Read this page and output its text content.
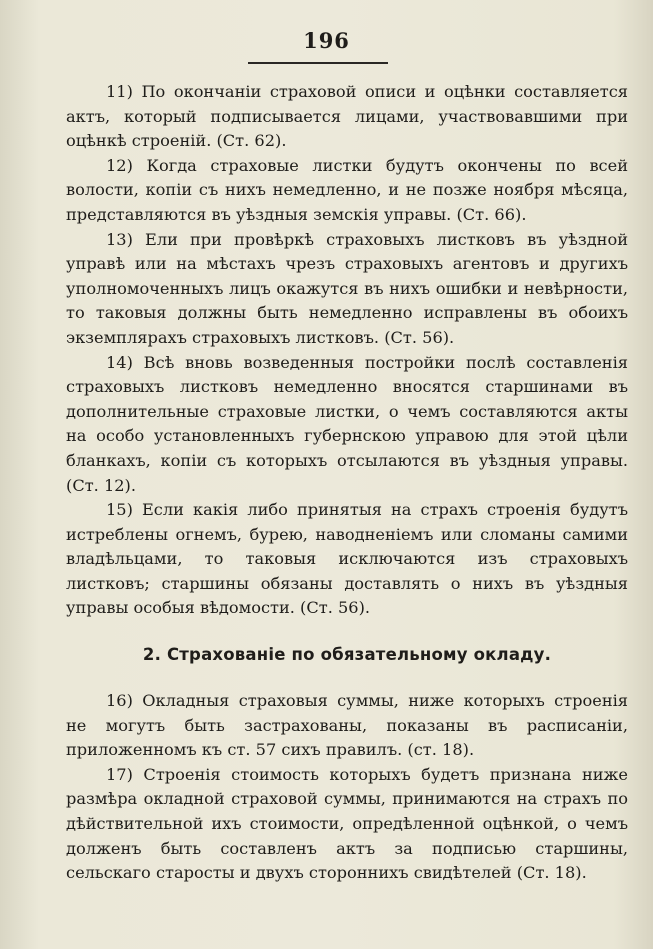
196

11) По окончаніи страховой описи и оцѣнки составляется актъ, который подписывается лицами, участвовавшими при оцѣнкѣ строеній. (Ст. 62).

12) Когда страховые листки будутъ окончены по всей волости, копіи съ нихъ немедленно, и не позже ноября мѣсяца, представляются въ уѣздныя земскія управы. (Ст. 66).

13) Ели при провѣркѣ страховыхъ листковъ въ уѣздной управѣ или на мѣстахъ чрезъ страховыхъ агентовъ и другихъ уполномоченныхъ лицъ окажутся въ нихъ ошибки и невѣрности, то таковыя должны быть немедленно исправлены въ обоихъ экземплярахъ страховыхъ листковъ. (Ст. 56).

14) Всѣ вновь возведенныя постройки послѣ составленія страховыхъ листковъ немедленно вносятся старшинами въ дополнительные страховые листки, о чемъ составляются акты на особо установленныхъ губернскою управою для этой цѣли бланкахъ, копіи съ которыхъ отсылаются въ уѣздныя управы. (Ст. 12).

15) Если какія либо принятыя на страхъ строенія будутъ истреблены огнемъ, бурею, наводненіемъ или сломаны самими владѣльцами, то таковыя исключаются изъ страховыхъ листковъ; старшины обязаны доставлять о нихъ въ уѣздныя управы особыя вѣдомости. (Ст. 56).

2. Страхованіе по обязательному окладу.

16) Окладныя страховыя суммы, ниже которыхъ строенія не могутъ быть застрахованы, показаны въ расписаніи, приложенномъ къ ст. 57 сихъ правилъ. (ст. 18).

17) Строенія стоимость которыхъ будетъ признана ниже размѣра окладной страховой суммы, принимаются на страхъ по дѣйствительной ихъ стоимости, опредѣленной оцѣнкой, о чемъ долженъ быть составленъ актъ за подписью старшины, сельскаго старосты и двухъ стороннихъ свидѣтелей (Ст. 18).
